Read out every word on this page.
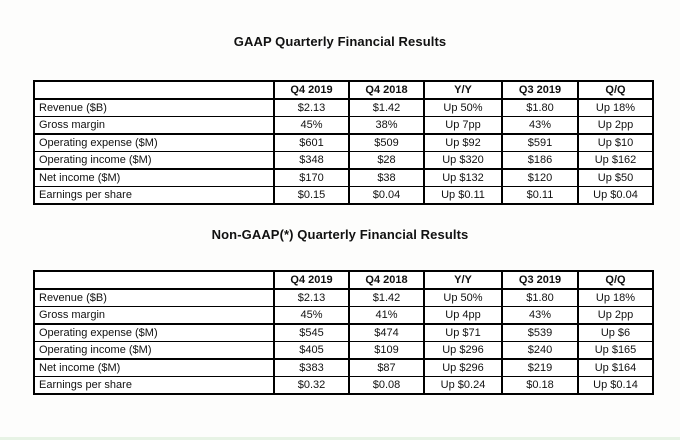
GAAP Quarterly Financial Results
	Q4 2019	Q4 2018	Y/Y	Q3 2019	Q/Q
Revenue ($B)	$2.13	$1.42	Up 50%	$1.80	Up 18%
Gross margin	45%	38%	Up 7pp	43%	Up 2pp
Operating expense ($M)	$601	$509	Up $92	$591	Up $10
Operating income ($M)	$348	$28	Up $320	$186	Up $162
Net income ($M)	$170	$38	Up $132	$120	Up $50
Earnings per share	$0.15	$0.04	Up $0.11	$0.11	Up $0.04
Non-GAAP(*) Quarterly Financial Results
	Q4 2019	Q4 2018	Y/Y	Q3 2019	Q/Q
Revenue ($B)	$2.13	$1.42	Up 50%	$1.80	Up 18%
Gross margin	45%	41%	Up 4pp	43%	Up 2pp
Operating expense ($M)	$545	$474	Up $71	$539	Up $6
Operating income ($M)	$405	$109	Up $296	$240	Up $165
Net income ($M)	$383	$87	Up $296	$219	Up $164
Earnings per share	$0.32	$0.08	Up $0.24	$0.18	Up $0.14
